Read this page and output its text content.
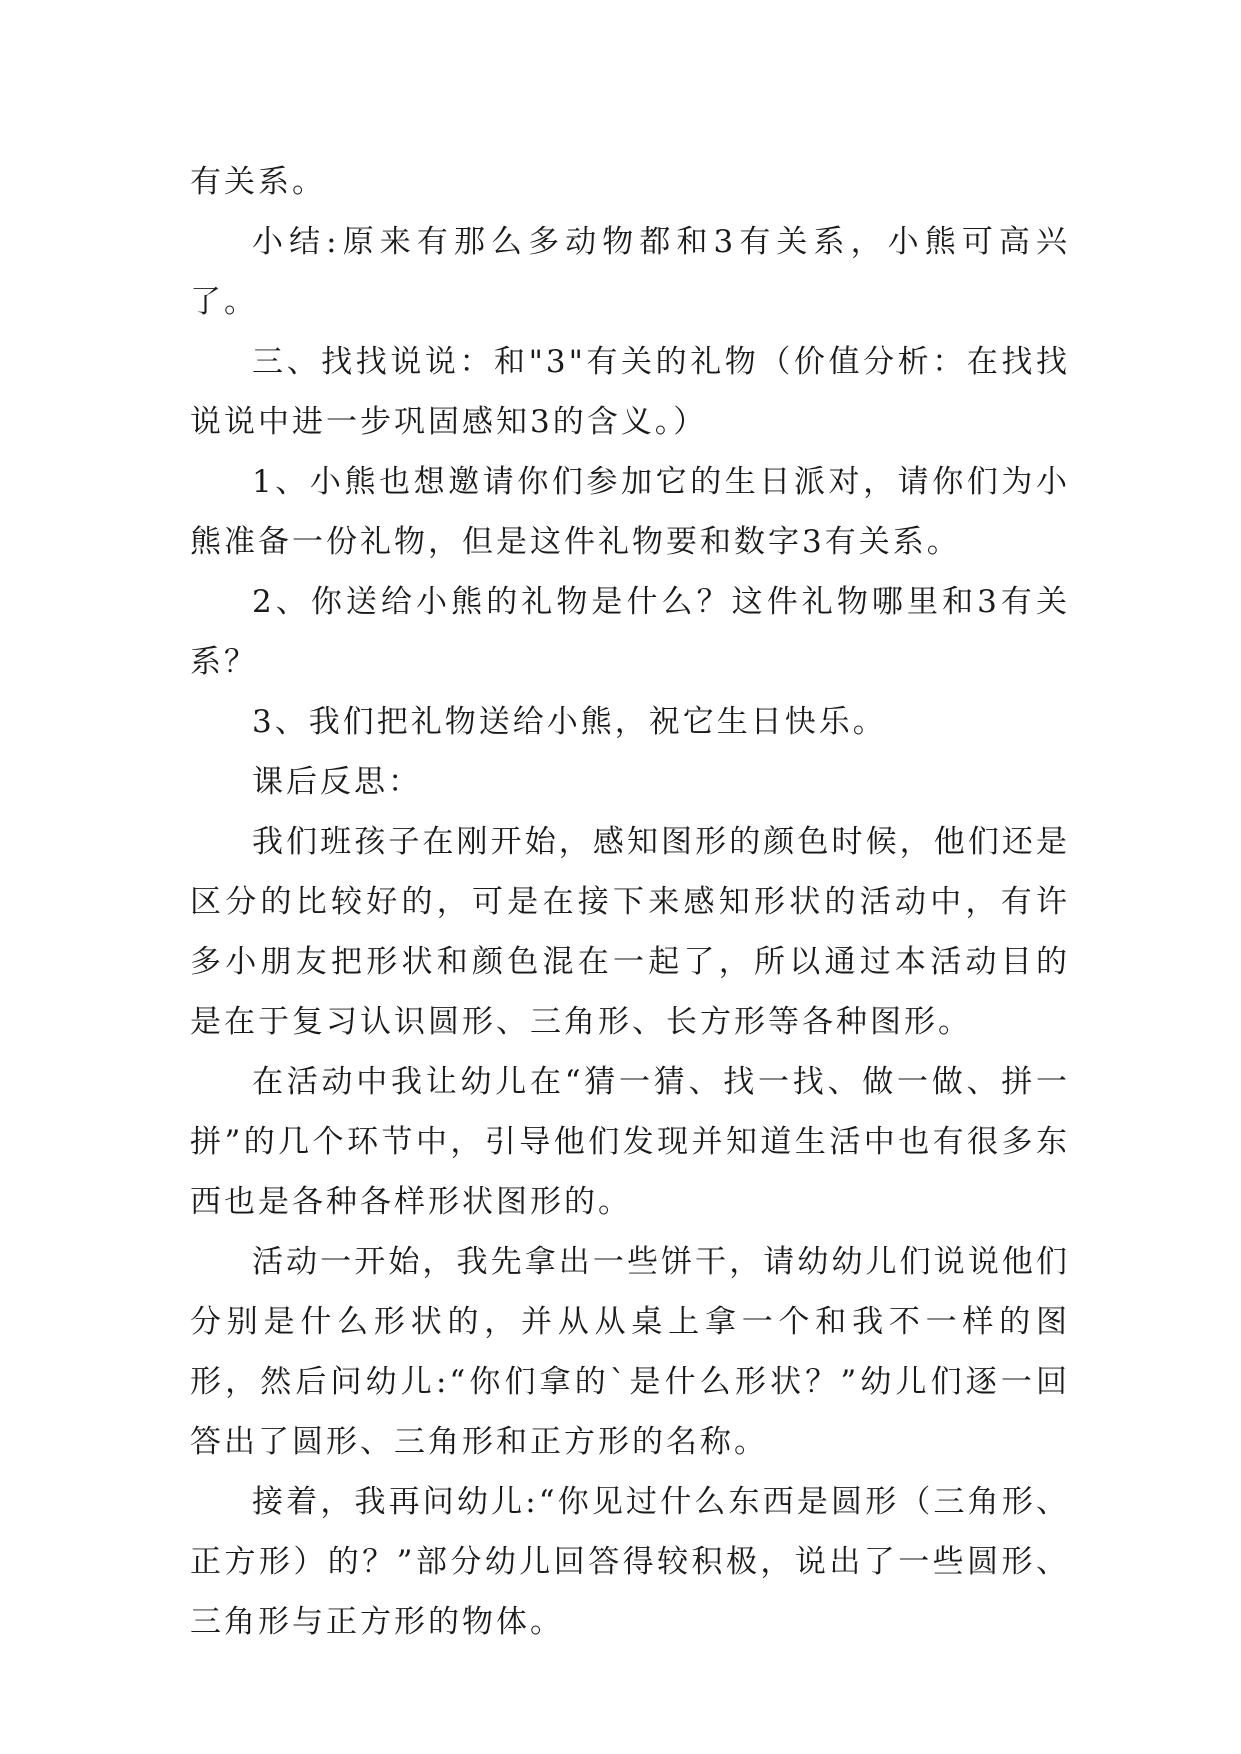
有关系。

小结:原来有那么多动物都和3有关系，小熊可高兴了。

三、找找说说：和"3"有关的礼物（价值分析：在找找说说中进一步巩固感知3的含义。）

1、小熊也想邀请你们参加它的生日派对，请你们为小熊准备一份礼物，但是这件礼物要和数字3有关系。

2、你送给小熊的礼物是什么？这件礼物哪里和3有关系？

3、我们把礼物送给小熊，祝它生日快乐。

课后反思：

我们班孩子在刚开始，感知图形的颜色时候，他们还是区分的比较好的，可是在接下来感知形状的活动中，有许多小朋友把形状和颜色混在一起了，所以通过本活动目的是在于复习认识圆形、三角形、长方形等各种图形。

在活动中我让幼儿在“猜一猜、找一找、做一做、拼一拼”的几个环节中，引导他们发现并知道生活中也有很多东西也是各种各样形状图形的。

活动一开始，我先拿出一些饼干，请幼幼儿们说说他们分别是什么形状的，并从从桌上拿一个和我不一样的图形，然后问幼儿:“你们拿的`是什么形状？”幼儿们逐一回答出了圆形、三角形和正方形的名称。

接着，我再问幼儿:“你见过什么东西是圆形（三角形、正方形）的？”部分幼儿回答得较积极，说出了一些圆形、三角形与正方形的物体。
